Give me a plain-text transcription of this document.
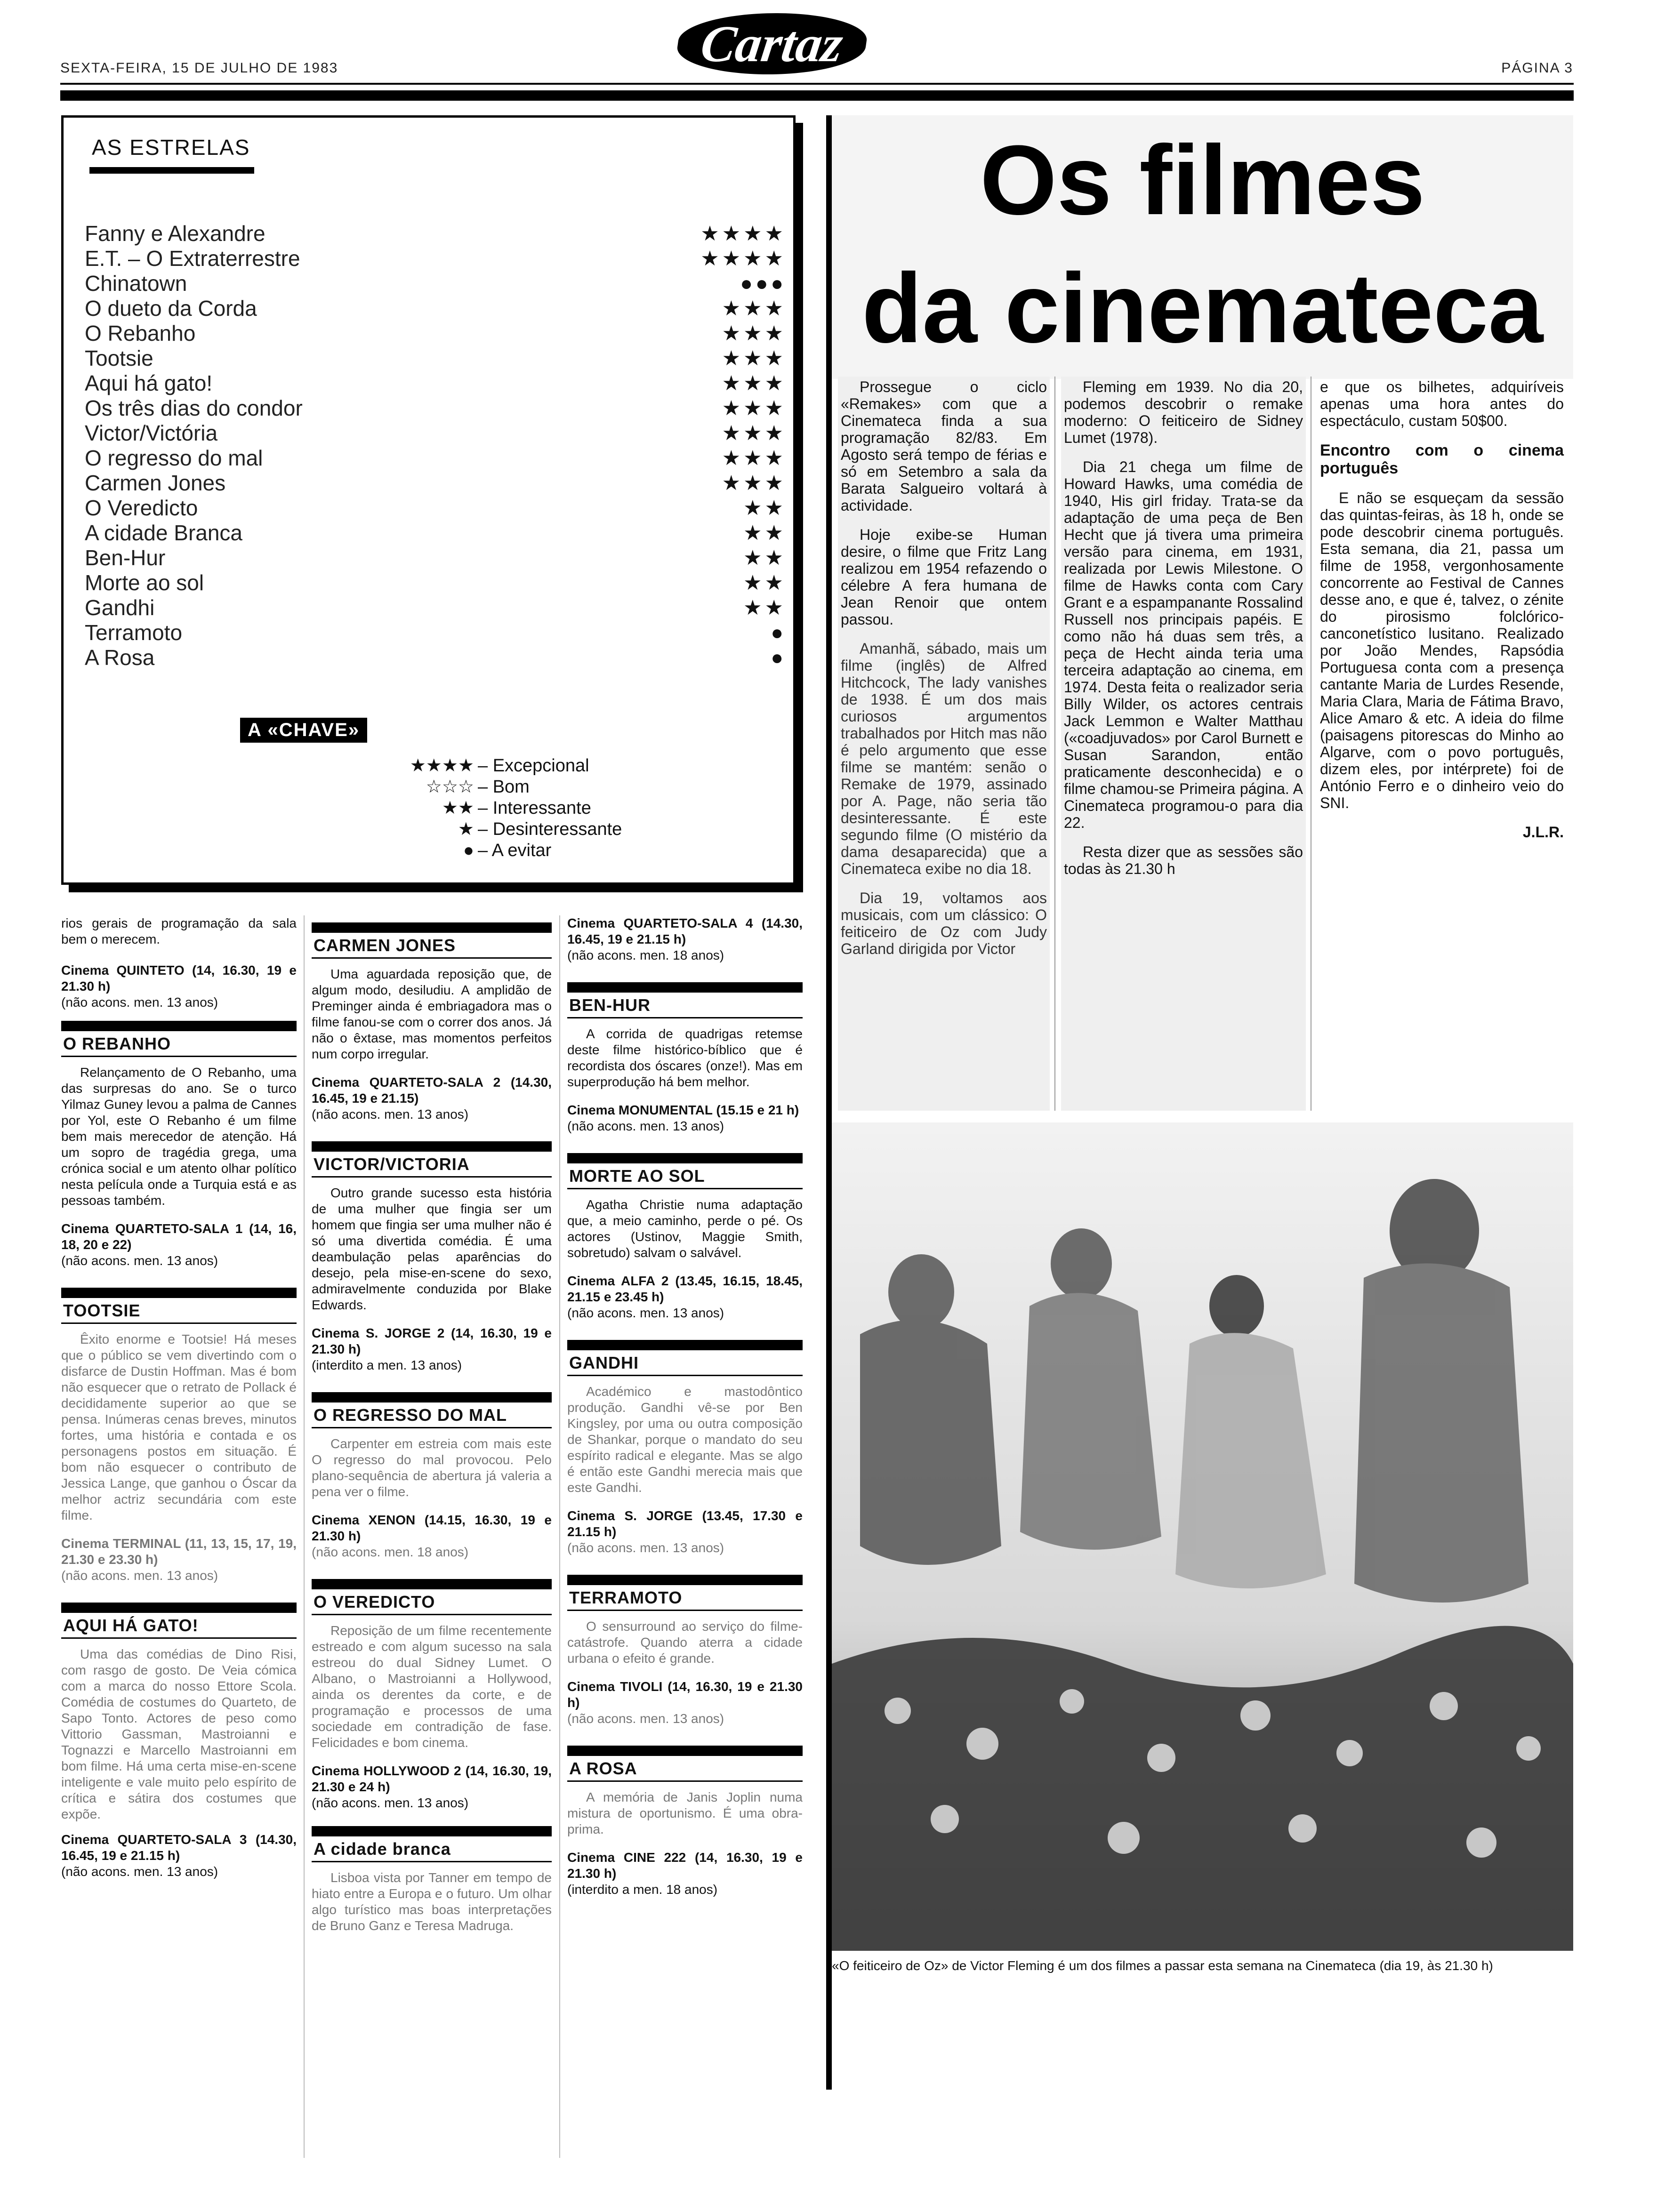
SEXTA-FEIRA, 15 DE JULHO DE 1983	Cartaz	PÁGINA 3
AS ESTRELAS
Fanny e Alexandre	★★★★
E.T. – O Extraterrestre	★★★★
Chinatown	●●●
O dueto da Corda	★★★
O Rebanho	★★★
Tootsie	★★★
Aqui há gato!	★★★
Os três dias do condor	★★★
Victor/Victória	★★★
O regresso do mal	★★★
Carmen Jones	★★★
O Veredicto	★★
A cidade Branca	★★
Ben-Hur	★★
Morte ao sol	★★
Gandhi	★★
Terramoto	●
A Rosa	●
A «CHAVE»
★★★★ – Excepcional
☆☆☆ – Bom
★★ – Interessante
★ – Desinteressante
● – A evitar
rios gerais de programação da sala bem o merecem.
Cinema QUINTETO (14, 16.30, 19 e 21.30 h)
(não acons. men. 13 anos)
O REBANHO

Relançamento de O Rebanho, uma das surpresas do ano. Se o turco Yilmaz Guney levou a palma de Cannes por Yol, este O Rebanho é um filme bem mais merecedor de atenção. Há um sopro de tragédia grega, uma crónica social e um atento olhar político nesta película onde a Turquia está e as pessoas também.

Cinema QUARTETO-SALA 1 (14, 16, 18, 20 e 22)
(não acons. men. 13 anos)
TOOTSIE

Êxito enorme e Tootsie! Há meses que o público se vem divertindo com o disfarce de Dustin Hoffman. Mas é bom não esquecer que o retrato de Pollack é decididamente superior ao que se pensa. Inúmeras cenas breves, minutos fortes, uma história e contada e os personagens postos em situação. É bom não esquecer o contributo de Jessica Lange, que ganhou o Óscar da melhor actriz secundária com este filme.

Cinema TERMINAL (11, 13, 15, 17, 19, 21.30 e 23.30 h)
(não acons. men. 13 anos)
AQUI HÁ GATO!

Uma das comédias de Dino Risi, com rasgo de gosto. De Veia cómica com a marca do nosso Ettore Scola. Comédia de costumes do Quarteto, de Sapo Tonto. Actores de peso como Vittorio Gassman, Mastroianni e Tognazzi e Marcello Mastroianni em bom filme. Há uma certa mise-en-scene inteligente e vale muito pelo espírito de crítica e sátira dos costumes que expõe.

Cinema QUARTETO-SALA 3 (14.30, 16.45, 19 e 21.15 h)
(não acons. men. 13 anos)
CARMEN JONES

Uma aguardada reposição que, de algum modo, desiludiu. A amplidão de Preminger ainda é embriagadora mas o filme fanou-se com o correr dos anos. Já não o êxtase, mas momentos perfeitos num corpo irregular.

Cinema QUARTETO-SALA 2 (14.30, 16.45, 19 e 21.15)
(não acons. men. 13 anos)
VICTOR/VICTORIA

Outro grande sucesso esta história de uma mulher que fingia ser um homem que fingia ser uma mulher não é só uma divertida comédia. É uma deambulação pelas aparências do desejo, pela mise-en-scene do sexo, admiravelmente conduzida por Blake Edwards.

Cinema S. JORGE 2 (14, 16.30, 19 e 21.30 h)
(interdito a men. 13 anos)
O REGRESSO DO MAL

Carpenter em estreia com mais este O regresso do mal provocou. Pelo plano-sequência de abertura já valeria a pena ver o filme.

Cinema XENON (14.15, 16.30, 19 e 21.30 h)
(não acons. men. 18 anos)
O VEREDICTO

Reposição de um filme recentemente estreado e com algum sucesso na sala estreou do dual Sidney Lumet. O Albano, o Mastroianni a Hollywood, ainda os derentes da corte, e de programação e processos de uma sociedade em contradição de fase. Felicidades e bom cinema.

Cinema HOLLYWOOD 2 (14, 16.30, 19, 21.30 e 24 h)
(não acons. men. 13 anos)
A cidade branca

Lisboa vista por Tanner em tempo de hiato entre a Europa e o futuro. Um olhar algo turístico mas boas interpretações de Bruno Ganz e Teresa Madruga.

Cinema QUARTETO-SALA 4 (14.30, 16.45, 19 e 21.15 h)
(não acons. men. 18 anos)
BEN-HUR

A corrida de quadrigas retemse deste filme histórico-bíblico que é recordista dos óscares (onze!). Mas em superprodução há bem melhor.

Cinema MONUMENTAL (15.15 e 21 h)
(não acons. men. 13 anos)
MORTE AO SOL

Agatha Christie numa adaptação que, a meio caminho, perde o pé. Os actores (Ustinov, Maggie Smith, sobretudo) salvam o salvável.

Cinema ALFA 2 (13.45, 16.15, 18.45, 21.15 e 23.45 h)
(não acons. men. 13 anos)
GANDHI

Académico e mastodôntico produção. Gandhi vê-se por Ben Kingsley, por uma ou outra composição de Shankar, porque o mandato do seu espírito radical e elegante. Mas se algo é então este Gandhi merecia mais que este Gandhi.

Cinema S. JORGE (13.45, 17.30 e 21.15 h)
(não acons. men. 13 anos)
TERRAMOTO

O sensurround ao serviço do filme-catástrofe. Quando aterra a cidade urbana o efeito é grande.

Cinema TIVOLI (14, 16.30, 19 e 21.30 h)
(não acons. men. 13 anos)
A ROSA

A memória de Janis Joplin numa mistura de oportunismo. É uma obra-prima.

Cinema CINE 222 (14, 16.30, 19 e 21.30 h)
(interdito a men. 18 anos)
Os filmes
da cinemateca

Prossegue o ciclo «Remakes» com que a Cinemateca finda a sua programação 82/83. Em Agosto será tempo de férias e só em Setembro a sala da Barata Salgueiro voltará à actividade.

Hoje exibe-se Human desire, o filme que Fritz Lang realizou em 1954 refazendo o célebre A fera humana de Jean Renoir que ontem passou.

Amanhã, sábado, mais um filme (inglês) de Alfred Hitchcock, The lady vanishes de 1938. É um dos mais curiosos argumentos trabalhados por Hitch mas não é pelo argumento que esse filme se mantém: senão o Remake de 1979, assinado por A. Page, não seria tão desinteressante. É este segundo filme (O mistério da dama desaparecida) que a Cinemateca exibe no dia 18.

Dia 19, voltamos aos musicais, com um clássico: O feiticeiro de Oz com Judy Garland dirigida por Victor

Fleming em 1939. No dia 20, podemos descobrir o remake moderno: O feiticeiro de Sidney Lumet (1978).

Dia 21 chega um filme de Howard Hawks, uma comédia de 1940, His girl friday. Trata-se da adaptação de uma peça de Ben Hecht que já tivera uma primeira versão para cinema, em 1931, realizada por Lewis Milestone. O filme de Hawks conta com Cary Grant e a espampanante Rossalind Russell nos principais papéis. E como não há duas sem três, a peça de Hecht ainda teria uma terceira adaptação ao cinema, em 1974. Desta feita o realizador seria Billy Wilder, os actores centrais Jack Lemmon e Walter Matthau («coadjuvados» por Carol Burnett e Susan Sarandon, então praticamente desconhecida) e o filme chamou-se Primeira página. A Cinemateca programou-o para dia 22.

Resta dizer que as sessões são todas às 21.30 h

e que os bilhetes, adquiríveis apenas uma hora antes do espectáculo, custam 50$00.

Encontro com o cinema português

E não se esqueçam da sessão das quintas-feiras, às 18 h, onde se pode descobrir cinema português. Esta semana, dia 21, passa um filme de 1958, vergonhosamente concorrente ao Festival de Cannes desse ano, e que é, talvez, o zénite do pirosismo folclórico-canconetístico lusitano. Realizado por João Mendes, Rapsódia Portuguesa conta com a presença cantante Maria de Lurdes Resende, Maria Clara, Maria de Fátima Bravo, Alice Amaro & etc. A ideia do filme (paisagens pitorescas do Minho ao Algarve, com o povo português, dizem eles, por intérprete) foi de António Ferro e o dinheiro veio do SNI.

J.L.R.
«O feiticeiro de Oz» de Victor Fleming é um dos filmes a passar esta semana na Cinemateca (dia 19, às 21.30 h)
